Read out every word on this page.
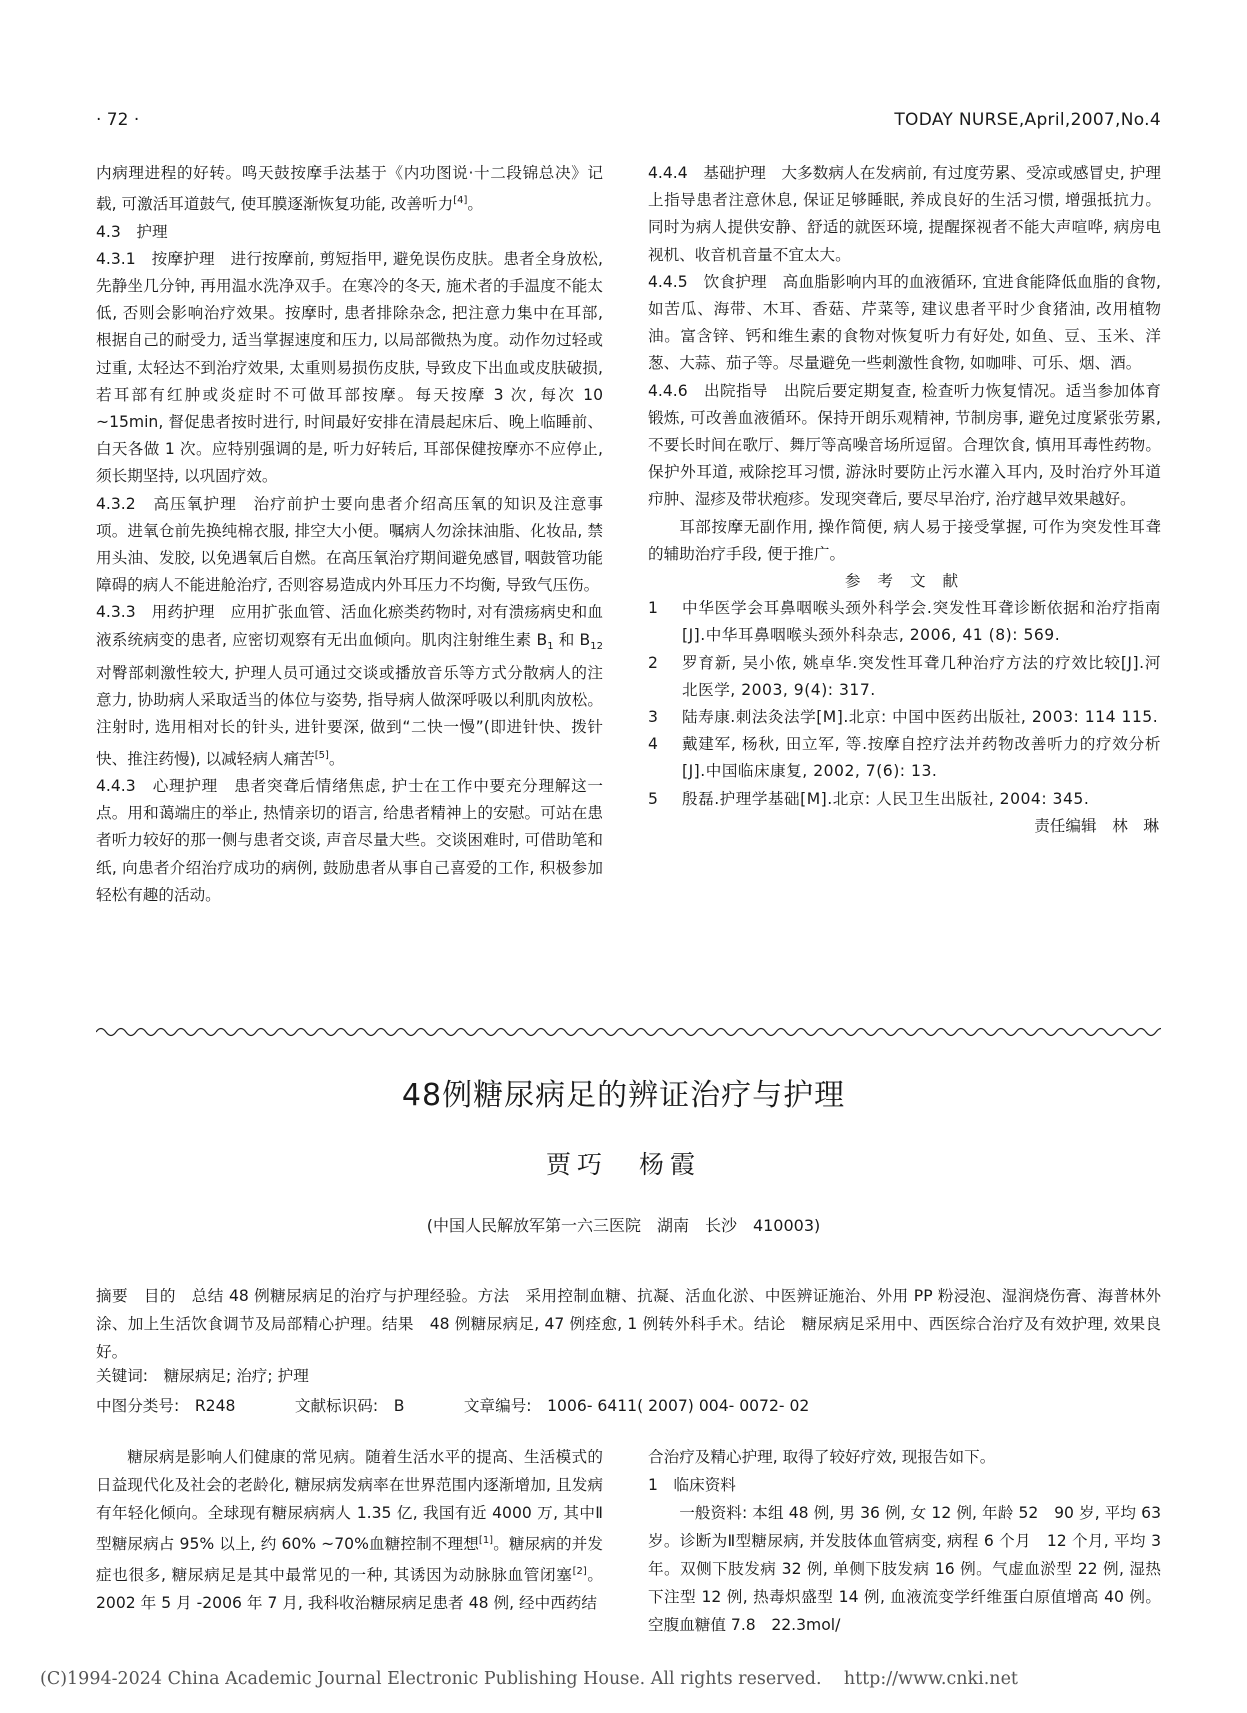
· 72 ·	TODAY NURSE,April,2007,No.4

内病理进程的好转。鸣天鼓按摩手法基于《内功图说·十二段锦总决》记载, 可激活耳道鼓气, 使耳膜逐渐恢复功能, 改善听力[4]。

4.3　护理

4.3.1　按摩护理　进行按摩前, 剪短指甲, 避免误伤皮肤。患者全身放松, 先静坐几分钟, 再用温水洗净双手。在寒冷的冬天, 施术者的手温度不能太低, 否则会影响治疗效果。按摩时, 患者排除杂念, 把注意力集中在耳部, 根据自己的耐受力, 适当掌握速度和压力, 以局部微热为度。动作勿过轻或过重, 太轻达不到治疗效果, 太重则易损伤皮肤, 导致皮下出血或皮肤破损, 若耳部有红肿或炎症时不可做耳部按摩。每天按摩 3 次, 每次 10 ~15min, 督促患者按时进行, 时间最好安排在清晨起床后、晚上临睡前、白天各做 1 次。应特别强调的是, 听力好转后, 耳部保健按摩亦不应停止, 须长期坚持, 以巩固疗效。

4.3.2　高压氧护理　治疗前护士要向患者介绍高压氧的知识及注意事项。进氧仓前先换纯棉衣服, 排空大小便。嘱病人勿涂抹油脂、化妆品, 禁用头油、发胶, 以免遇氧后自燃。在高压氧治疗期间避免感冒, 咽鼓管功能障碍的病人不能进舱治疗, 否则容易造成内外耳压力不均衡, 导致气压伤。

4.3.3　用药护理　应用扩张血管、活血化瘀类药物时, 对有溃疡病史和血液系统病变的患者, 应密切观察有无出血倾向。肌肉注射维生素 $B_1$ 和 $B_{12}$ 对臀部刺激性较大, 护理人员可通过交谈或播放音乐等方式分散病人的注意力, 协助病人采取适当的体位与姿势, 指导病人做深呼吸以利肌肉放松。注射时, 选用相对长的针头, 进针要深, 做到“二快一慢”(即进针快、拨针快、推注药慢), 以减轻病人痛苦[5]。

4.4.3　心理护理　患者突聋后情绪焦虑, 护士在工作中要充分理解这一点。用和蔼端庄的举止, 热情亲切的语言, 给患者精神上的安慰。可站在患者听力较好的那一侧与患者交谈, 声音尽量大些。交谈困难时, 可借助笔和纸, 向患者介绍治疗成功的病例, 鼓励患者从事自己喜爱的工作, 积极参加轻松有趣的活动。

4.4.4　基础护理　大多数病人在发病前, 有过度劳累、受凉或感冒史, 护理上指导患者注意休息, 保证足够睡眠, 养成良好的生活习惯, 增强抵抗力。同时为病人提供安静、舒适的就医环境, 提醒探视者不能大声喧哗, 病房电视机、收音机音量不宜太大。

4.4.5　饮食护理　高血脂影响内耳的血液循环, 宜进食能降低血脂的食物, 如苦瓜、海带、木耳、香菇、芹菜等, 建议患者平时少食猪油, 改用植物油。富含锌、钙和维生素的食物对恢复听力有好处, 如鱼、豆、玉米、洋葱、大蒜、茄子等。尽量避免一些刺激性食物, 如咖啡、可乐、烟、酒。

4.4.6　出院指导　出院后要定期复查, 检查听力恢复情况。适当参加体育锻炼, 可改善血液循环。保持开朗乐观精神, 节制房事, 避免过度紧张劳累, 不要长时间在歌厅、舞厅等高噪音场所逗留。合理饮食, 慎用耳毒性药物。保护外耳道, 戒除挖耳习惯, 游泳时要防止污水灌入耳内, 及时治疗外耳道疖肿、湿疹及带状疱疹。发现突聋后, 要尽早治疗, 治疗越早效果越好。

耳部按摩无副作用, 操作简便, 病人易于接受掌握, 可作为突发性耳聋的辅助治疗手段, 便于推广。

参 考 文 献

1	中华医学会耳鼻咽喉头颈外科学会.突发性耳聋诊断依据和治疗指南[J].中华耳鼻咽喉头颈外科杂志, 2006, 41 (8): 569.
2	罗育新, 吴小侬, 姚卓华.突发性耳聋几种治疗方法的疗效比较[J].河北医学, 2003, 9(4): 317.
3	陆寿康.刺法灸法学[M].北京: 中国中医药出版社, 2003: 114 115.
4	戴建军, 杨秋, 田立军, 等.按摩自控疗法并药物改善听力的疗效分析[J].中国临床康复, 2002, 7(6): 13.
5	殷磊.护理学基础[M].北京: 人民卫生出版社, 2004: 345.

责任编辑　林　琳

48例糖尿病足的辨证治疗与护理
贾巧　杨霞
(中国人民解放军第一六三医院　湖南　长沙　410003)
摘要　目的　总结 48 例糖尿病足的治疗与护理经验。方法　采用控制血糖、抗凝、活血化淤、中医辨证施治、外用 PP 粉浸泡、湿润烧伤膏、海普林外涂、加上生活饮食调节及局部精心护理。结果　48 例糖尿病足, 47 例痊愈, 1 例转外科手术。结论　糖尿病足采用中、西医综合治疗及有效护理, 效果良好。
关键词:　糖尿病足; 治疗; 护理
中图分类号:　R248	文献标识码:　B	文章编号:　1006- 6411( 2007) 004- 0072- 02

糖尿病是影响人们健康的常见病。随着生活水平的提高、生活模式的日益现代化及社会的老龄化, 糖尿病发病率在世界范围内逐渐增加, 且发病有年轻化倾向。全球现有糖尿病病人 1.35 亿, 我国有近 4000 万, 其中Ⅱ型糖尿病占 95% 以上, 约 60% ~70%血糖控制不理想[1]。糖尿病的并发症也很多, 糖尿病足是其中最常见的一种, 其诱因为动脉脉血管闭塞[2]。2002 年 5 月 -2006 年 7 月, 我科收治糖尿病足患者 48 例, 经中西药结

合治疗及精心护理, 取得了较好疗效, 现报告如下。

1　临床资料

一般资料: 本组 48 例, 男 36 例, 女 12 例, 年龄 52　90 岁, 平均 63 岁。诊断为Ⅱ型糖尿病, 并发肢体血管病变, 病程 6 个月　12 个月, 平均 3 年。双侧下肢发病 32 例, 单侧下肢发病 16 例。气虚血淤型 22 例, 湿热下注型 12 例, 热毒炽盛型 14 例, 血液流变学纤维蛋白原值增高 40 例。空腹血糖值 7.8　22.3mol/

(C)1994-2024 China Academic Journal Electronic Publishing House. All rights reserved. http://www.cnki.net
